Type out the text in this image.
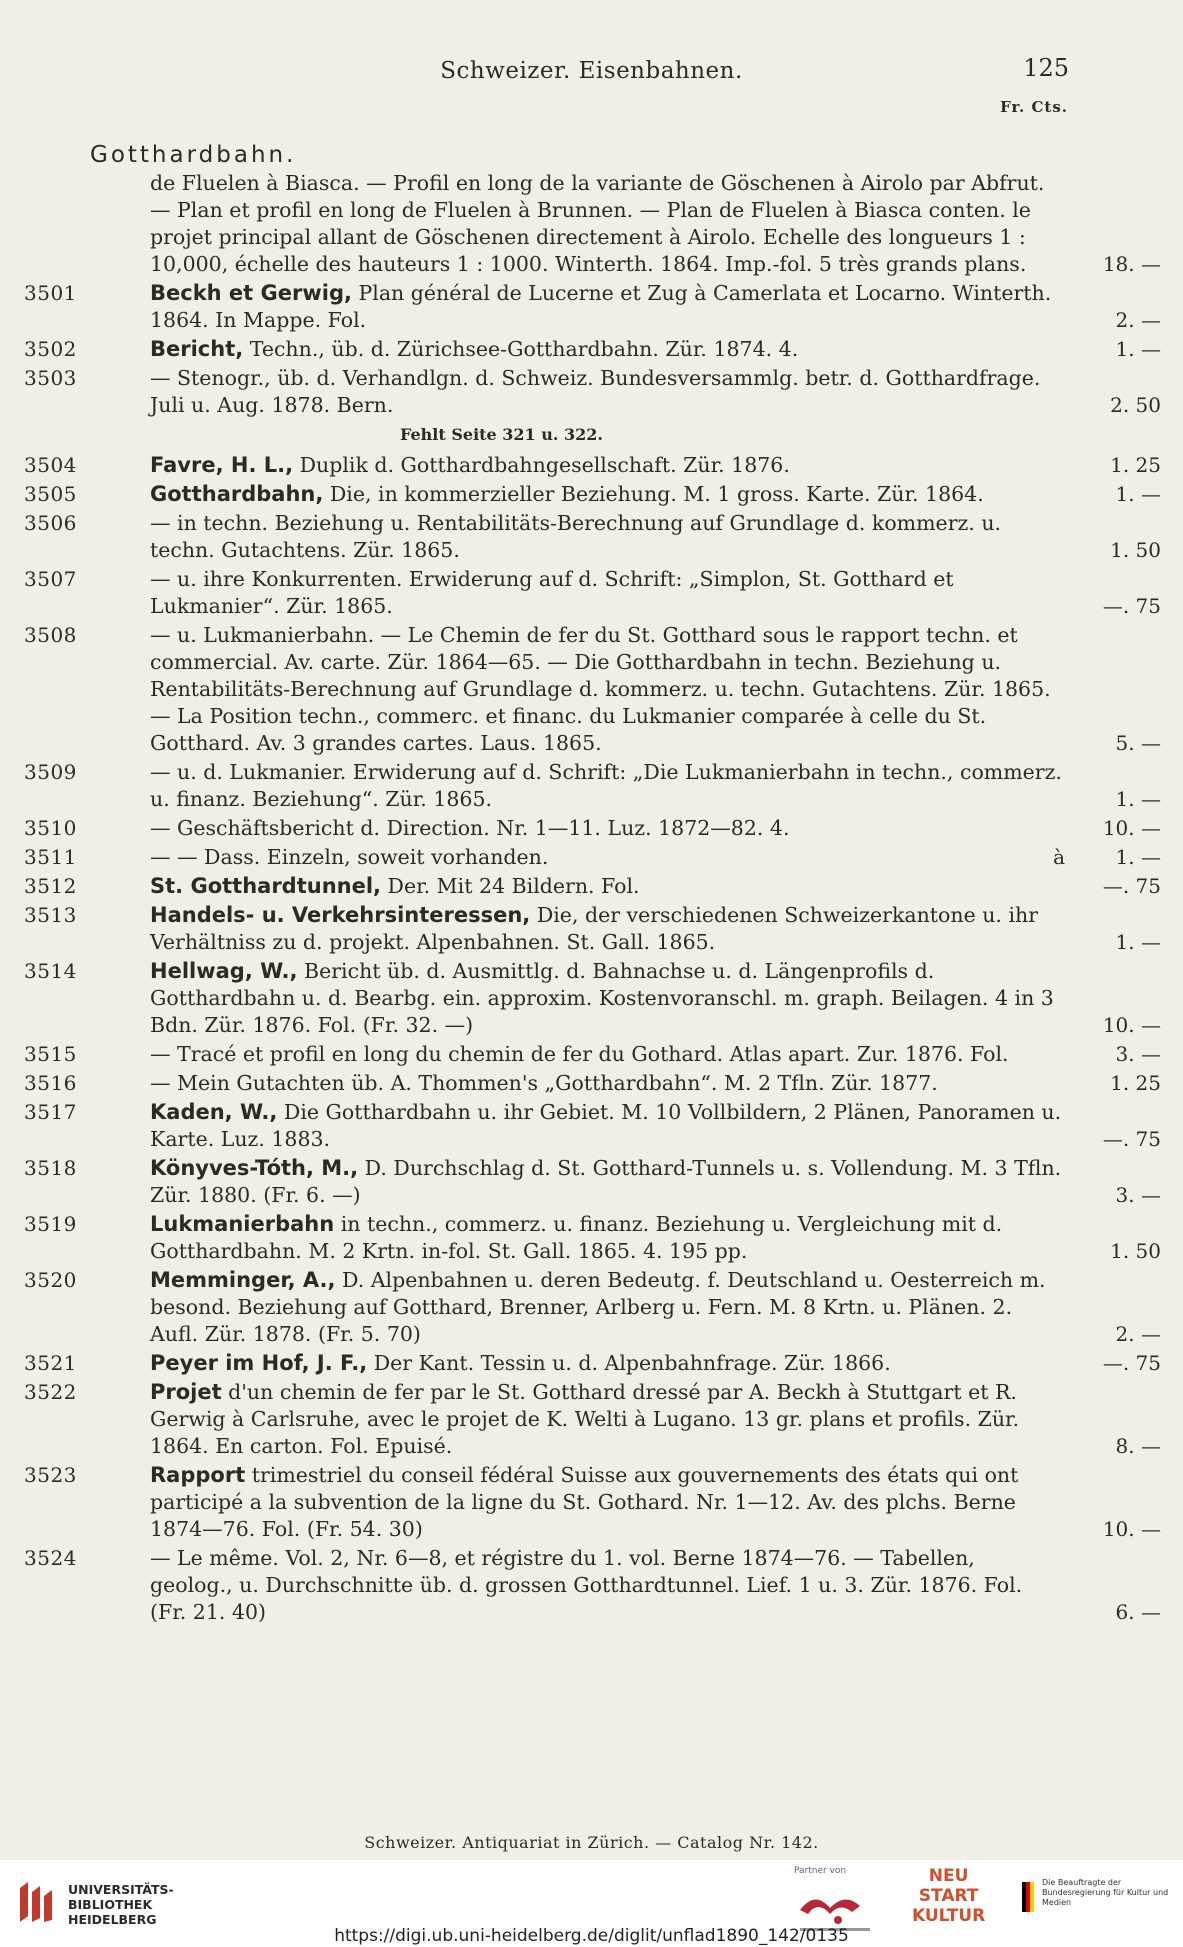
Schweizer. Eisenbahnen.	125
Fr. Cts.
Gotthardbahn.
de Fluelen à Biasca. — Profil en long de la variante de Göschenen à Airolo par Abfrut. — Plan et profil en long de Fluelen à Brunnen. — Plan de Fluelen à Biasca conten. le projet principal allant de Göschenen directement à Airolo. Echelle des longueurs 1 : 10,000, échelle des hauteurs 1 : 1000. Winterth. 1864. Imp.-fol. 5 très grands plans.	18. —
3501	Beckh et Gerwig, Plan général de Lucerne et Zug à Camerlata et Locarno. Winterth. 1864. In Mappe. Fol.	2. —
3502	Bericht, Techn., üb. d. Zürichsee-Gotthardbahn. Zür. 1874. 4.	1. —
3503	— Stenogr., üb. d. Verhandlgn. d. Schweiz. Bundesversammlg. betr. d. Gotthardfrage. Juli u. Aug. 1878. Bern.	2. 50
Fehlt Seite 321 u. 322.
3504	Favre, H. L., Duplik d. Gotthardbahngesellschaft. Zür. 1876.	1. 25
3505	Gotthardbahn, Die, in kommerzieller Beziehung. M. 1 gross. Karte. Zür. 1864.	1. —
3506	— in techn. Beziehung u. Rentabilitäts-Berechnung auf Grundlage d. kommerz. u. techn. Gutachtens. Zür. 1865.	1. 50
3507	— u. ihre Konkurrenten. Erwiderung auf d. Schrift: „Simplon, St. Gotthard et Lukmanier“. Zür. 1865.	—. 75
3508	— u. Lukmanierbahn. — Le Chemin de fer du St. Gotthard sous le rapport techn. et commercial. Av. carte. Zür. 1864—65. — Die Gotthardbahn in techn. Beziehung u. Rentabilitäts-Berechnung auf Grundlage d. kommerz. u. techn. Gutachtens. Zür. 1865. — La Position techn., commerc. et financ. du Lukmanier comparée à celle du St. Gotthard. Av. 3 grandes cartes. Laus. 1865.	5. —
3509	— u. d. Lukmanier. Erwiderung auf d. Schrift: „Die Lukmanierbahn in techn., commerz. u. finanz. Beziehung“. Zür. 1865.	1. —
3510	— Geschäftsbericht d. Direction. Nr. 1—11. Luz. 1872—82. 4.	10. —
3511	— — Dass. Einzeln, soweit vorhanden.	à	1. —
3512	St. Gotthardtunnel, Der. Mit 24 Bildern. Fol.	—. 75
3513	Handels- u. Verkehrsinteressen, Die, der verschiedenen Schweizerkantone u. ihr Verhältniss zu d. projekt. Alpenbahnen. St. Gall. 1865.	1. —
3514	Hellwag, W., Bericht üb. d. Ausmittlg. d. Bahnachse u. d. Längenprofils d. Gotthardbahn u. d. Bearbg. ein. approxim. Kostenvoranschl. m. graph. Beilagen. 4 in 3 Bdn. Zür. 1876. Fol. (Fr. 32. —)	10. —
3515	— Tracé et profil en long du chemin de fer du Gothard. Atlas apart. Zur. 1876. Fol.	3. —
3516	— Mein Gutachten üb. A. Thommen's „Gotthardbahn“. M. 2 Tfln. Zür. 1877.	1. 25
3517	Kaden, W., Die Gotthardbahn u. ihr Gebiet. M. 10 Vollbildern, 2 Plänen, Panoramen u. Karte. Luz. 1883.	—. 75
3518	Könyves-Tóth, M., D. Durchschlag d. St. Gotthard-Tunnels u. s. Vollendung. M. 3 Tfln. Zür. 1880. (Fr. 6. —)	3. —
3519	Lukmanierbahn in techn., commerz. u. finanz. Beziehung u. Vergleichung mit d. Gotthardbahn. M. 2 Krtn. in-fol. St. Gall. 1865. 4. 195 pp.	1. 50
3520	Memminger, A., D. Alpenbahnen u. deren Bedeutg. f. Deutschland u. Oesterreich m. besond. Beziehung auf Gotthard, Brenner, Arlberg u. Fern. M. 8 Krtn. u. Plänen. 2. Aufl. Zür. 1878. (Fr. 5. 70)	2. —
3521	Peyer im Hof, J. F., Der Kant. Tessin u. d. Alpenbahnfrage. Zür. 1866.	—. 75
3522	Projet d'un chemin de fer par le St. Gotthard dressé par A. Beckh à Stuttgart et R. Gerwig à Carlsruhe, avec le projet de K. Welti à Lugano. 13 gr. plans et profils. Zür. 1864. En carton. Fol. Epuisé.	8. —
3523	Rapport trimestriel du conseil fédéral Suisse aux gouvernements des états qui ont participé a la subvention de la ligne du St. Gothard. Nr. 1—12. Av. des plchs. Berne 1874—76. Fol. (Fr. 54. 30)	10. —
3524	— Le même. Vol. 2, Nr. 6—8, et régistre du 1. vol. Berne 1874—76. — Tabellen, geolog., u. Durchschnitte üb. d. grossen Gotthardtunnel. Lief. 1 u. 3. Zür. 1876. Fol. (Fr. 21. 40)	6. —
Schweizer. Antiquariat in Zürich. — Catalog Nr. 142.
UNIVERSITÄTS-
BIBLIOTHEK
HEIDELBERG
Partner von	NEU
START
KULTUR
Die Beauftragte der Bundesregierung für Kultur und Medien
https://digi.ub.uni-heidelberg.de/diglit/unflad1890_142/0135
